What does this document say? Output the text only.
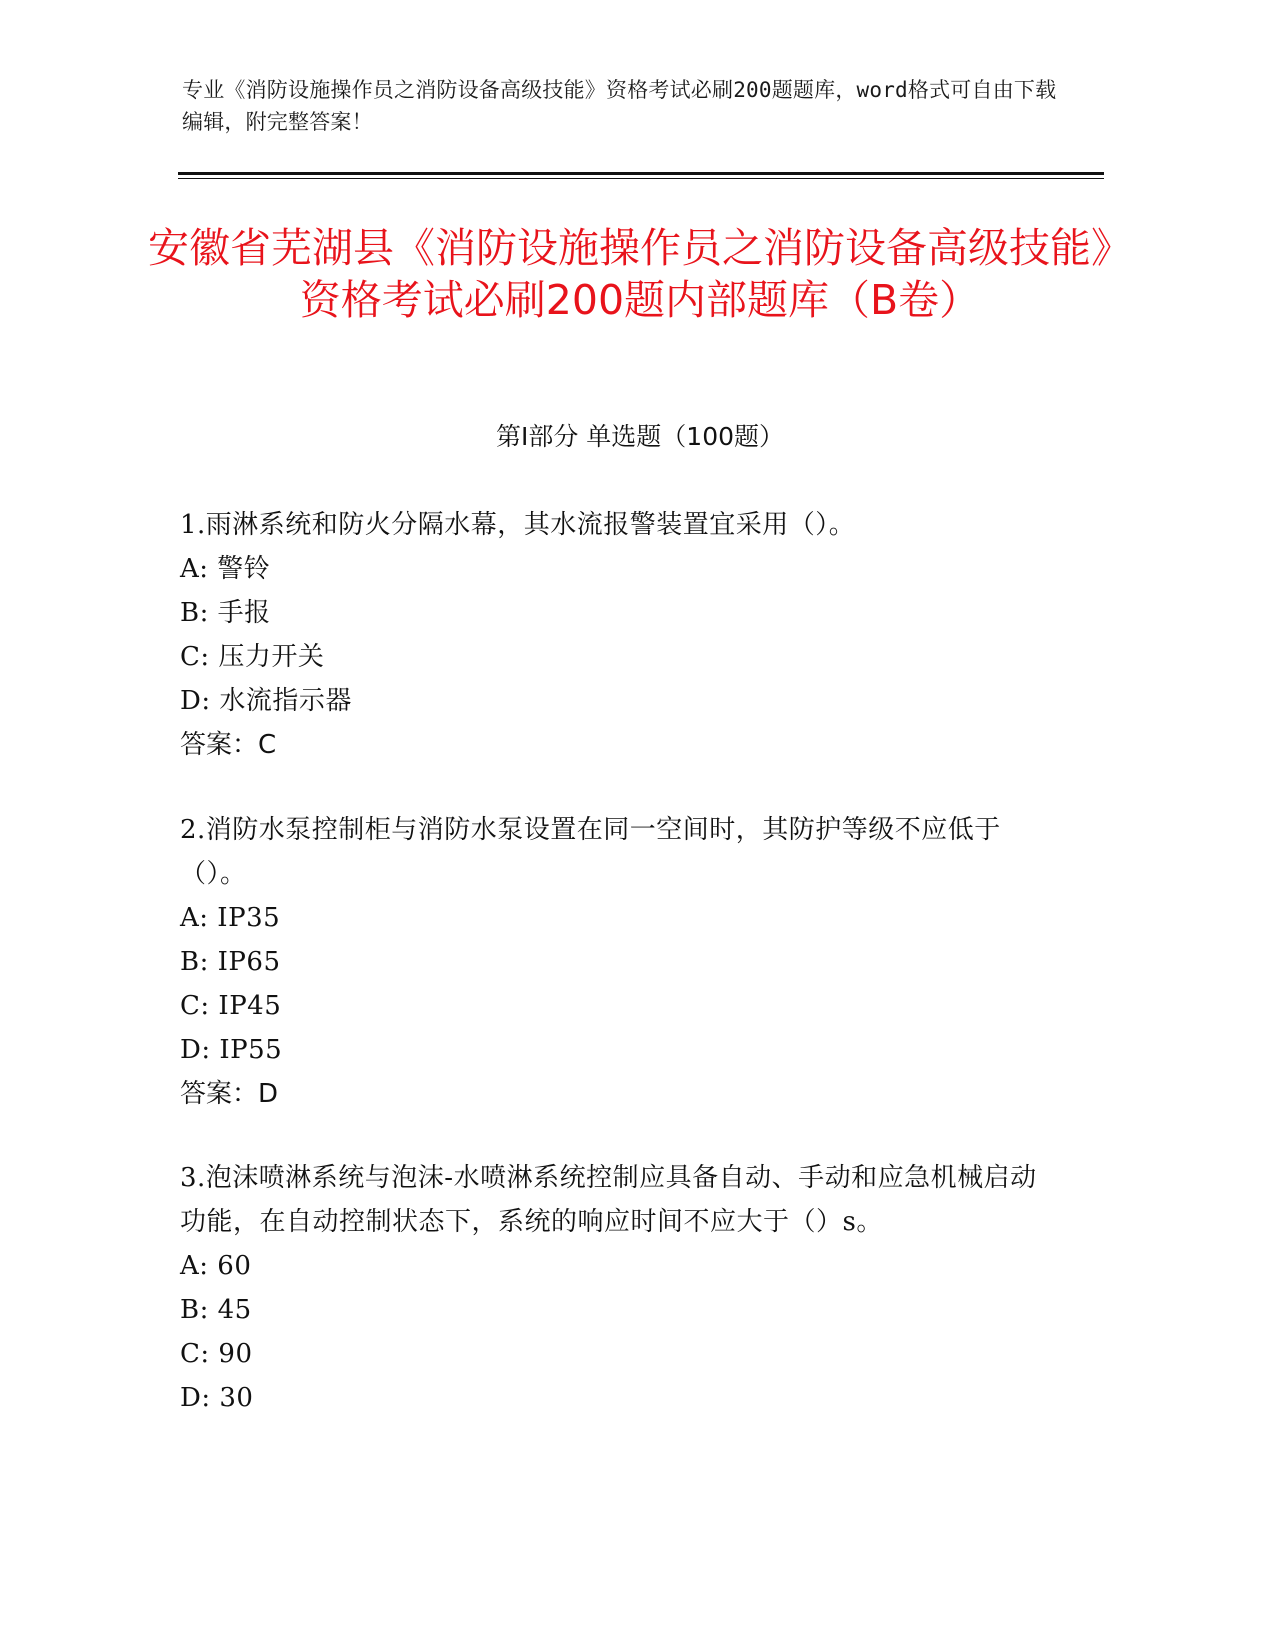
专业《消防设施操作员之消防设备高级技能》资格考试必刷200题题库，word格式可自由下载编辑，附完整答案！
安徽省芜湖县《消防设施操作员之消防设备高级技能》资格考试必刷200题内部题库（B卷）
第Ⅰ部分 单选题（100题）

1.雨淋系统和防火分隔水幕，其水流报警装置宜采用（）。

A: 警铃

B: 手报

C: 压力开关

D: 水流指示器

答案：C

2.消防水泵控制柜与消防水泵设置在同一空间时，其防护等级不应低于（）。

A: IP35

B: IP65

C: IP45

D: IP55

答案：D

3.泡沫喷淋系统与泡沫-水喷淋系统控制应具备自动、手动和应急机械启动功能，在自动控制状态下，系统的响应时间不应大于（）s。

A: 60

B: 45

C: 90

D: 30
